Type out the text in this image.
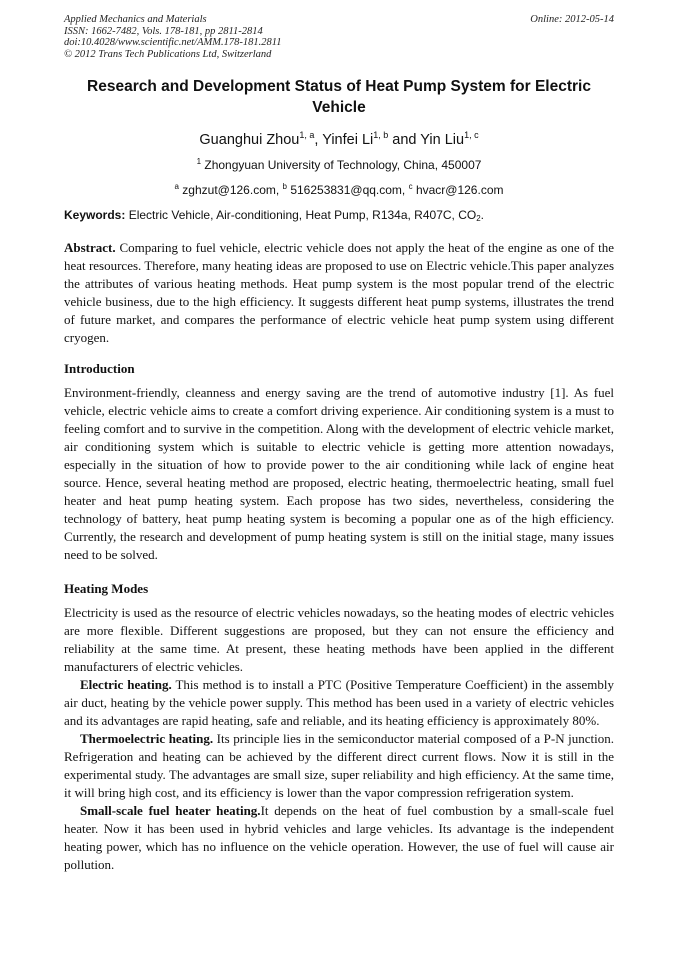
Applied Mechanics and Materials
ISSN: 1662-7482, Vols. 178-181, pp 2811-2814
doi:10.4028/www.scientific.net/AMM.178-181.2811
© 2012 Trans Tech Publications Ltd, Switzerland
Online: 2012-05-14
Research and Development Status of Heat Pump System for Electric Vehicle
Guanghui Zhou$^{1, a}$, Yinfei Li$^{1, b}$ and Yin Liu$^{1, c}$
$^1$ Zhongyuan University of Technology, China, 450007
$^a$ zghzut@126.com, $^b$ 516253831@qq.com, $^c$ hvacr@126.com
Keywords: Electric Vehicle, Air-conditioning, Heat Pump, R134a, R407C, $CO_2$.
Abstract. Comparing to fuel vehicle, electric vehicle does not apply the heat of the engine as one of the heat resources. Therefore, many heating ideas are proposed to use on Electric vehicle.This paper analyzes the attributes of various heating methods. Heat pump system is the most popular trend of the electric vehicle business, due to the high efficiency. It suggests different heat pump systems, illustrates the trend of future market, and compares the performance of electric vehicle heat pump system using different cryogen.
Introduction
Environment-friendly, cleanness and energy saving are the trend of automotive industry [1]. As fuel vehicle, electric vehicle aims to create a comfort driving experience. Air conditioning system is a must to feeling comfort and to survive in the competition. Along with the development of electric vehicle market, air conditioning system which is suitable to electric vehicle is getting more attention nowadays, especially in the situation of how to provide power to the air conditioning while lack of engine heat source. Hence, several heating method are proposed, electric heating, thermoelectric heating, small fuel heater and heat pump heating system. Each propose has two sides, nevertheless, considering the technology of battery, heat pump heating system is becoming a popular one as of the high efficiency. Currently, the research and development of pump heating system is still on the initial stage, many issues need to be solved.
Heating Modes
Electricity is used as the resource of electric vehicles nowadays, so the heating modes of electric vehicles are more flexible. Different suggestions are proposed, but they can not ensure the efficiency and reliability at the same time. At present, these heating methods have been applied in the different manufacturers of electric vehicles.
Electric heating. This method is to install a PTC (Positive Temperature Coefficient) in the assembly air duct, heating by the vehicle power supply. This method has been used in a variety of electric vehicles and its advantages are rapid heating, safe and reliable, and its heating efficiency is approximately 80%.
Thermoelectric heating. Its principle lies in the semiconductor material composed of a P-N junction. Refrigeration and heating can be achieved by the different direct current flows. Now it is still in the experimental study. The advantages are small size, super reliability and high efficiency. At the same time, it will bring high cost, and its efficiency is lower than the vapor compression refrigeration system.
Small-scale fuel heater heating.It depends on the heat of fuel combustion by a small-scale fuel heater. Now it has been used in hybrid vehicles and large vehicles. Its advantage is the independent heating power, which has no influence on the vehicle operation. However, the use of fuel will cause air pollution.
